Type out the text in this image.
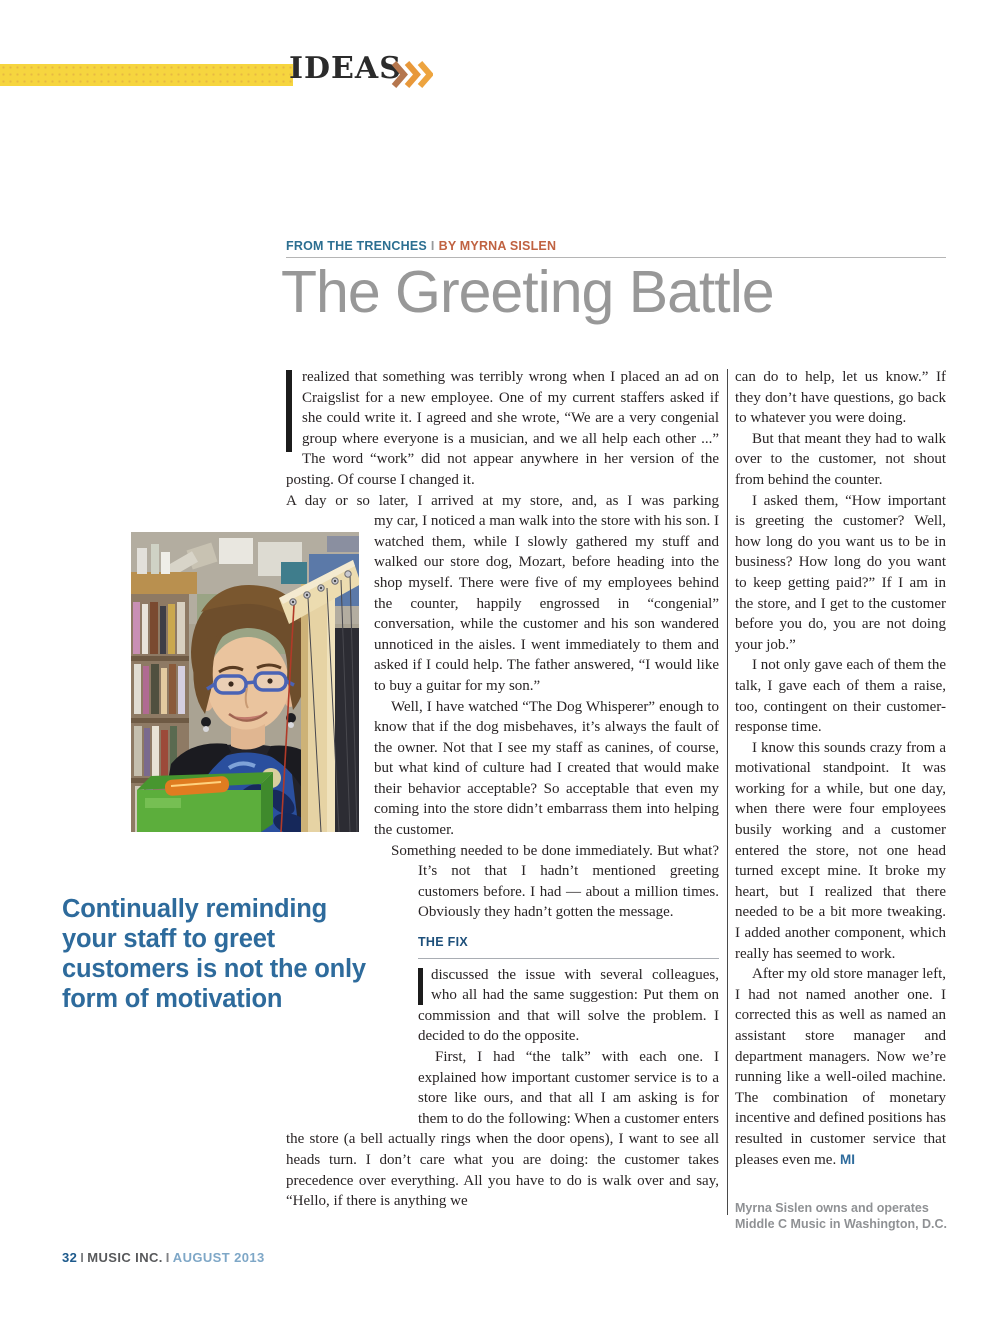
IDEAS
FROM THE TRENCHES I BY MYRNA SISLEN
The Greeting Battle
Continually reminding your staff to greet customers is not the only form of motivation

realized that something was terribly wrong when I placed an ad on Craigslist for a new employee. One of my current staffers asked if she could write it. I agreed and she wrote, “We are a very congenial group where everyone is a musician, and we all help each other ...” The word “work” did not appear anywhere in her version of the posting. Of course I changed it.

A day or so later, I arrived at my store, and, as I was parking

my car, I noticed a man walk into the store with his son. I watched them, while I slowly gathered my stuff and walked our store dog, Mozart, before heading into the shop myself. There were five of my employees behind the counter, happily engrossed in “congenial” conversation, while the customer and his son wandered unnoticed in the aisles. I went immediately to them and asked if I could help. The father answered, “I would like to buy a guitar for my son.”

Well, I have watched “The Dog Whisperer” enough to know that if the dog misbehaves, it’s always the fault of the owner. Not that I see my staff as canines, of course, but what kind of culture had I created that would make their behavior acceptable? So acceptable that even my coming into the store didn’t embarrass them into helping the customer.

Something needed to be done immediately. But what? It’s not that I hadn’t mentioned greeting customers before. I had — about a million times. Obviously they hadn’t gotten the message.

THE FIX

discussed the issue with several colleagues, who all had the same suggestion: Put them on commission and that will solve the problem. I decided to do the opposite.

First, I had “the talk” with each one. I explained how important customer service is to a store like ours, and that all I am asking is for them to do the following: When a customer enters the store (a bell actually rings when the door opens), I want to see all heads turn. I don’t care what you are doing: the customer takes precedence over everything. All you have to do is walk over and say, “Hello, if there is anything we

can do to help, let us know.” If they don’t have questions, go back to whatever you were doing.

But that meant they had to walk over to the customer, not shout from behind the counter.

I asked them, “How important is greeting the customer? Well, how long do you want us to be in business? How long do you want to keep getting paid?” If I am in the store, and I get to the customer before you do, you are not doing your job.”

I not only gave each of them the talk, I gave each of them a raise, too, contingent on their customer-response time.

I know this sounds crazy from a motivational standpoint. It was working for a while, but one day, when there were four employees busily working and a customer entered the store, not one head turned except mine. It broke my heart, but I realized that there needed to be a bit more tweaking. I added another component, which really has seemed to work.

After my old store manager left, I had not named another one. I corrected this as well as named an assistant store manager and department managers. Now we’re running like a well-oiled machine. The combination of monetary incentive and defined positions has resulted in customer service that pleases even me. MI

Myrna Sislen owns and operates
Middle C Music in Washington, D.C.
32 I MUSIC INC. I AUGUST 2013
